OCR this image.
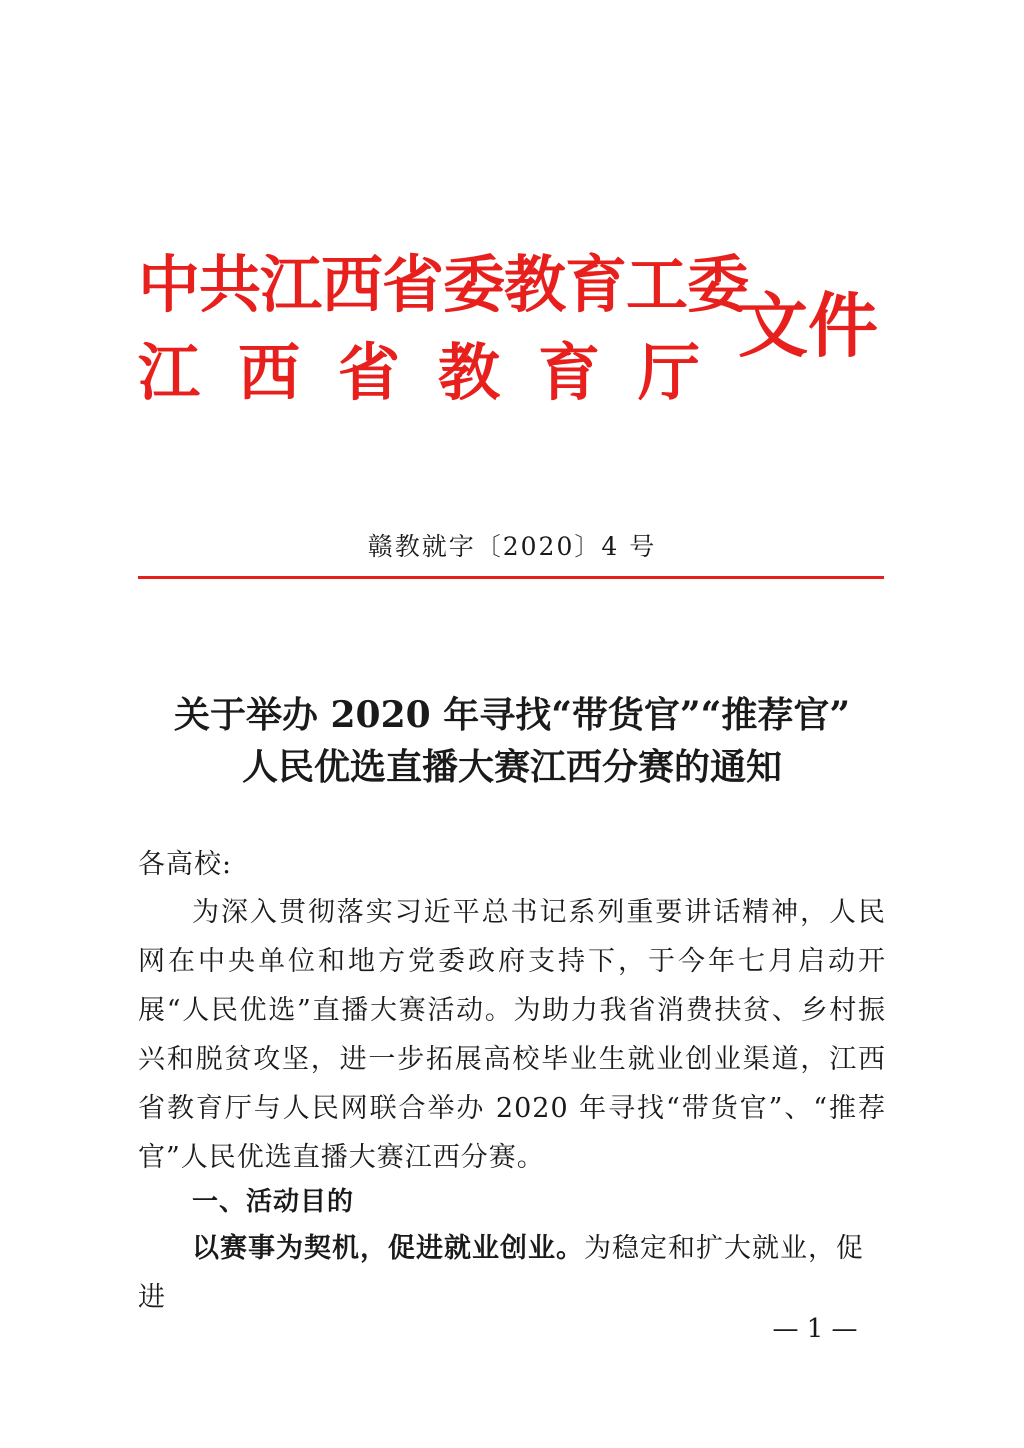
中共江西省委教育工委
江西省教育厅
文件
赣教就字〔2020〕4 号
关于举办 2020 年寻找“带货官”“推荐官”
人民优选直播大赛江西分赛的通知
各高校:
为深入贯彻落实习近平总书记系列重要讲话精神，人民网在中央单位和地方党委政府支持下，于今年七月启动开展“人民优选”直播大赛活动。为助力我省消费扶贫、乡村振兴和脱贫攻坚，进一步拓展高校毕业生就业创业渠道，江西省教育厅与人民网联合举办 2020 年寻找“带货官”、“推荐官”人民优选直播大赛江西分赛。
一、活动目的
以赛事为契机，促进就业创业。为稳定和扩大就业，促进
— 1 —
